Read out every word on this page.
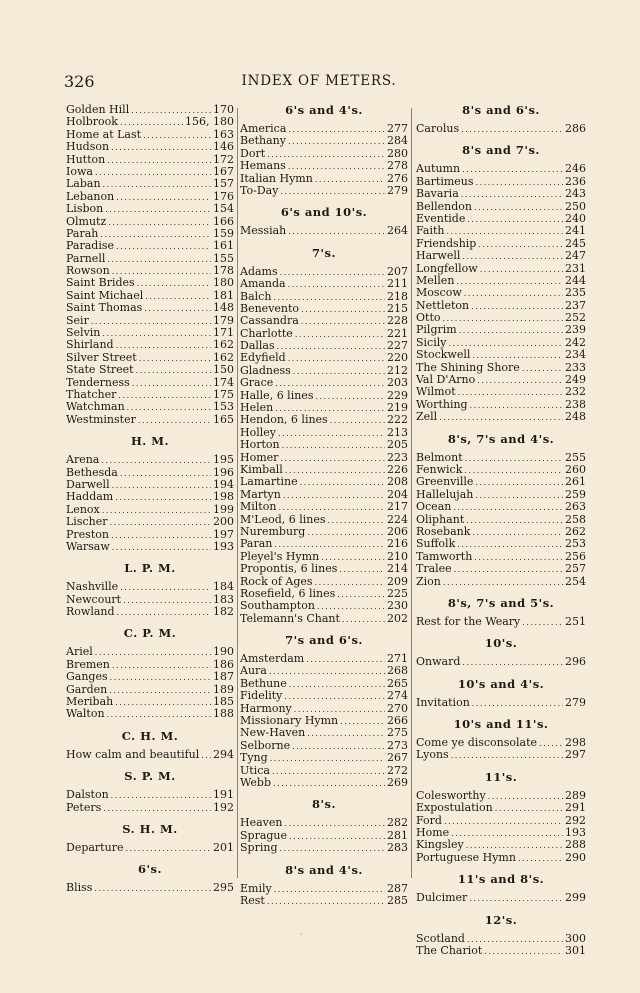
326	INDEX OF METERS.
Golden Hill . . .	170
Holbrook . . .	156, 180
Home at Last . . .	163
Hudson . . .	146
Hutton . . .	172
Iowa . . .	167
Laban . . .	157
Lebanon . . .	176
Lisbon . . .	154
Olmutz . . .	166
Parah . . .	159
Paradise . . .	161
Parnell . . .	155
Rowson . . .	178
Saint Brides . . .	180
Saint Michael . . .	181
Saint Thomas . . .	148
Seir . . .	179
Selvin . . .	171
Shirland . . .	162
Silver Street . . .	162
State Street . . .	150
Tenderness . . .	174
Thatcher . . .	175
Watchman . . .	153
Westminster . . .	165
H. M.
Arena . . .	195
Bethesda . . .	196
Darwell . . .	194
Haddam . . .	198
Lenox . . .	199
Lischer . . .	200
Preston . . .	197
Warsaw . . .	193
L. P. M.
Nashville . . .	184
Newcourt . . .	183
Rowland . . .	182
C. P. M.
Ariel . . .	190
Bremen . . .	186
Ganges . . .	187
Garden . . .	189
Meribah . . .	185
Walton . . .	188
C. H. M.
How calm and beautiful . . . 294
S. P. M.
Dalston . . .	191
Peters . . .	192
S. H. M.
Departure . . .	201
6's.
Bliss . . .	295
6's and 4's.
America . . .	277
Bethany . . .	284
Dort . . .	280
Hemans . . .	278
Italian Hymn . . .	276
To-Day . . .	279
6's and 10's.
Messiah . . .	264
7's.
Adams . . .	207
Amanda . . .	211
Balch . . .	218
Benevento . . .	215
Cassandra . . .	228
Charlotte . . .	221
Dallas . . .	227
Edyfield . . .	220
Gladness . . .	212
Grace . . .	203
Halle, 6 lines . . .	229
Helen . . .	219
Hendon, 6 lines . . .	222
Holley . . .	213
Horton . . .	205
Homer . . .	223
Kimball . . .	226
Lamartine . . .	208
Martyn . . .	204
Milton . . .	217
M'Leod, 6 lines . . .	224
Nuremburg . . .	206
Paran . . .	216
Pleyel's Hymn . . .	210
Propontis, 6 lines . . .	214
Rock of Ages . . .	209
Rosefield, 6 lines . . .	225
Southampton . . .	230
Telemann's Chant . . .	202
7's and 6's.
Amsterdam . . .	271
Aura . . .	268
Bethune . . .	265
Fidelity . . .	274
Harmony . . .	270
Missionary Hymn . . .	266
New-Haven . . .	275
Selborne . . .	273
Tyng . . .	267
Utica . . .	272
Webb . . .	269
8's.
Heaven . . .	282
Sprague . . .	281
Spring . . .	283
8's and 4's.
Emily . . .	287
Rest . . .	285
8's and 6's.
Carolus . . .	286
8's and 7's.
Autumn . . .	246
Bartimeus . . .	236
Bavaria . . .	243
Bellendon . . .	250
Eventide . . .	240
Faith . . .	241
Friendship . . .	245
Harwell . . .	247
Longfellow . . .	231
Mellen . . .	244
Moscow . . .	235
Nettleton . . .	237
Otto . . .	252
Pilgrim . . .	239
Sicily . . .	242
Stockwell . . .	234
The Shining Shore . . .	233
Val D'Arno . . .	249
Wilmot . . .	232
Worthing . . .	238
Zell . . .	248
8's, 7's and 4's.
Belmont . . .	255
Fenwick . . .	260
Greenville . . .	261
Hallelujah . . .	259
Ocean . . .	263
Oliphant . . .	258
Rosebank . . .	262
Suffolk . . .	253
Tamworth . . .	256
Tralee . . .	257
Zion . . .	254
8's, 7's and 5's.
Rest for the Weary . . .	251
10's.
Onward . . .	296
10's and 4's.
Invitation . . .	279
10's and 11's.
Come ye disconsolate . . .	298
Lyons . . .	297
11's.
Colesworthy . . .	289
Expostulation . . .	291
Ford . . .	292
Home . . .	193
Kingsley . . .	288
Portuguese Hymn . . .	290
11's and 8's.
Dulcimer . . .	299
12's.
Scotland . . .	300
The Chariot . . .	301
·
